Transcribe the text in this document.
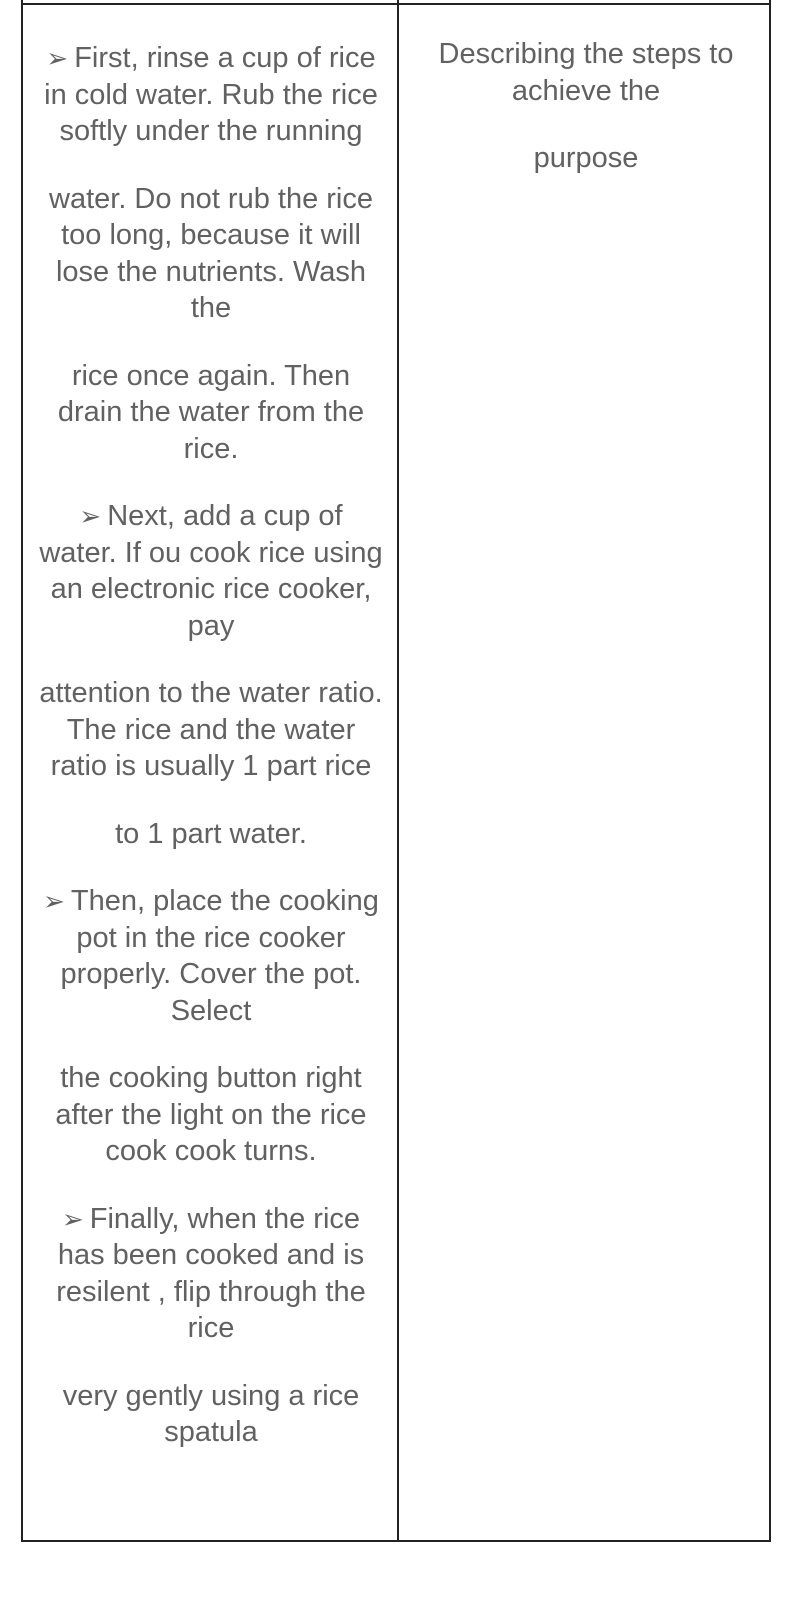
➢ First, rinse a cup of rice in cold water. Rub the rice softly under the running

water. Do not rub the rice too long, because it will lose the nutrients. Wash the

rice once again. Then drain the water from the rice.

➢ Next, add a cup of water. If ou cook rice using an electronic rice cooker, pay

attention to the water ratio. The rice and the water ratio is usually 1 part rice

to 1 part water.

➢ Then, place the cooking pot in the rice cooker properly. Cover the pot. Select

the cooking button right after the light on the rice cook cook turns.

➢ Finally, when the rice has been cooked and is resilent , flip through the rice

very gently using a rice spatula

Describing the steps to achieve the

purpose
